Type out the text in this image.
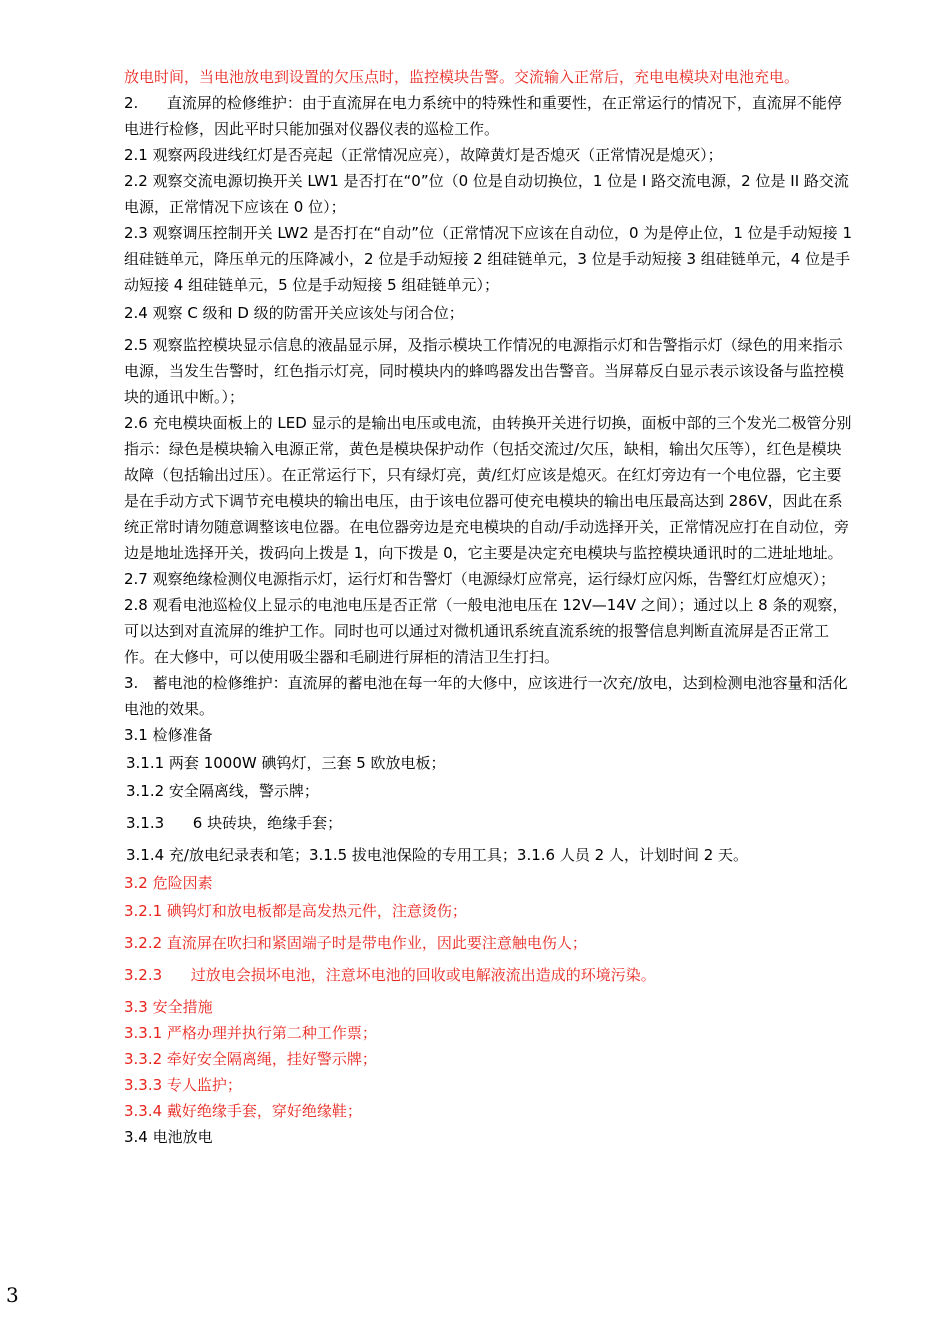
放电时间，当电池放电到设置的欠压点时，监控模块告警。交流输入正常后，充电电模块对电池充电。

2.      直流屏的检修维护：由于直流屏在电力系统中的特殊性和重要性，在正常运行的情况下，直流屏不能停电进行检修，因此平时只能加强对仪器仪表的巡检工作。

2.1 观察两段进线红灯是否亮起（正常情况应亮），故障黄灯是否熄灭（正常情况是熄灭）；

2.2 观察交流电源切换开关 LW1 是否打在“0”位（0 位是自动切换位，1 位是 I 路交流电源，2 位是 II 路交流电源，正常情况下应该在 0 位）；

2.3 观察调压控制开关 LW2 是否打在“自动”位（正常情况下应该在自动位，0 为是停止位，1 位是手动短接 1 组硅链单元，降压单元的压降减小，2 位是手动短接 2 组硅链单元，3 位是手动短接 3 组硅链单元，4 位是手动短接 4 组硅链单元，5 位是手动短接 5 组硅链单元）；

2.4 观察 C 级和 D 级的防雷开关应该处与闭合位；

2.5 观察监控模块显示信息的液晶显示屏，及指示模块工作情况的电源指示灯和告警指示灯（绿色的用来指示电源，当发生告警时，红色指示灯亮，同时模块内的蜂鸣器发出告警音。当屏幕反白显示表示该设备与监控模块的通讯中断。）；

2.6 充电模块面板上的 LED 显示的是输出电压或电流，由转换开关进行切换，面板中部的三个发光二极管分别指示：绿色是模块输入电源正常，黄色是模块保护动作（包括交流过/欠压，缺相，输出欠压等），红色是模块故障（包括输出过压）。在正常运行下，只有绿灯亮，黄/红灯应该是熄灭。在红灯旁边有一个电位器，它主要是在手动方式下调节充电模块的输出电压，由于该电位器可使充电模块的输出电压最高达到 286V，因此在系统正常时请勿随意调整该电位器。在电位器旁边是充电模块的自动/手动选择开关，正常情况应打在自动位，旁边是地址选择开关，拨码向上拨是 1，向下拨是 0，它主要是决定充电模块与监控模块通讯时的二进址地址。

2.7 观察绝缘检测仪电源指示灯，运行灯和告警灯（电源绿灯应常亮，运行绿灯应闪烁，告警红灯应熄灭）；

2.8 观看电池巡检仪上显示的电池电压是否正常（一般电池电压在 12V—14V 之间）；通过以上 8 条的观察，可以达到对直流屏的维护工作。同时也可以通过对微机通讯系统直流系统的报警信息判断直流屏是否正常工作。在大修中，可以使用吸尘器和毛刷进行屏柜的清洁卫生打扫。

3.   蓄电池的检修维护：直流屏的蓄电池在每一年的大修中，应该进行一次充/放电，达到检测电池容量和活化电池的效果。

3.1 检修准备

3.1.1 两套 1000W 碘钨灯，三套 5 欧放电板；

3.1.2 安全隔离线，警示牌；

3.1.3      6 块砖块，绝缘手套；

3.1.4 充/放电纪录表和笔；3.1.5 拔电池保险的专用工具；3.1.6 人员 2 人，计划时间 2 天。

3.2 危险因素

3.2.1 碘钨灯和放电板都是高发热元件，注意烫伤；

3.2.2 直流屏在吹扫和紧固端子时是带电作业，因此要注意触电伤人；

3.2.3      过放电会损坏电池，注意坏电池的回收或电解液流出造成的环境污染。

3.3 安全措施

3.3.1 严格办理并执行第二种工作票；

3.3.2 牵好安全隔离绳，挂好警示牌；

3.3.3 专人监护；

3.3.4 戴好绝缘手套，穿好绝缘鞋；

3.4 电池放电

3
